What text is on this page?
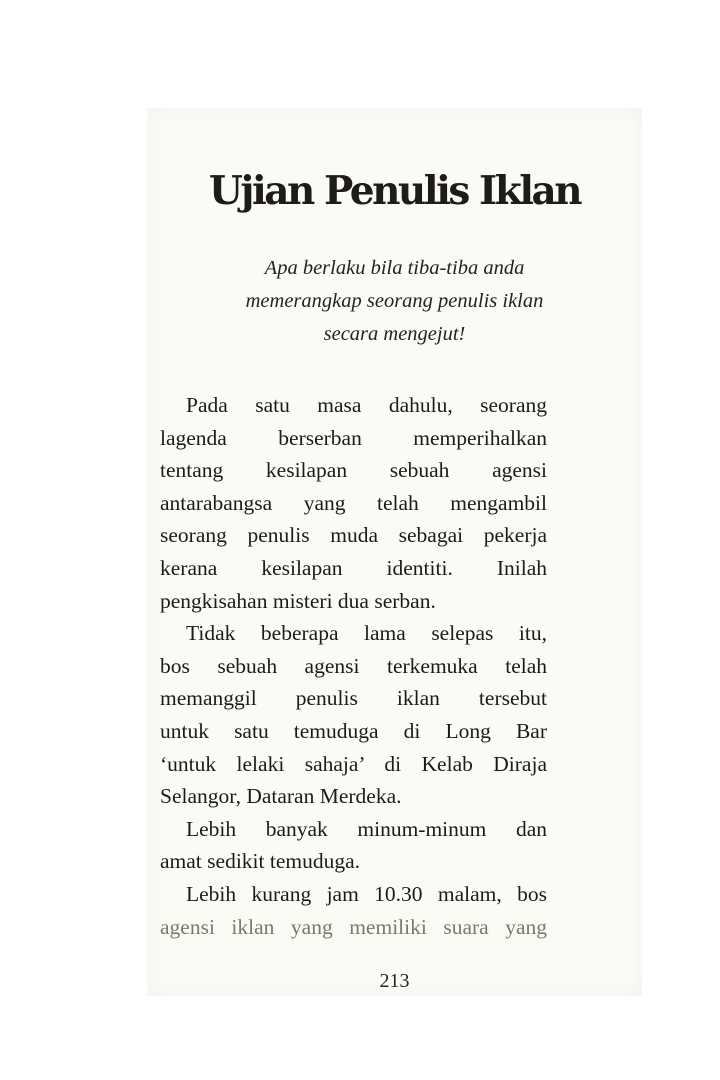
Ujian Penulis Iklan
Apa berlaku bila tiba-tiba anda
memerangkap seorang penulis iklan
secara mengejut!
Pada satu masa dahulu, seorang
lagenda berserban memperihalkan
tentang kesilapan sebuah agensi
antarabangsa yang telah mengambil
seorang penulis muda sebagai pekerja
kerana kesilapan identiti. Inilah
pengkisahan misteri dua serban.
Tidak beberapa lama selepas itu,
bos sebuah agensi terkemuka telah
memanggil penulis iklan tersebut
untuk satu temuduga di Long Bar
‘untuk lelaki sahaja’ di Kelab Diraja
Selangor, Dataran Merdeka.
Lebih banyak minum-minum dan
amat sedikit temuduga.
Lebih kurang jam 10.30 malam, bos
agensi iklan yang memiliki suara yang
213
